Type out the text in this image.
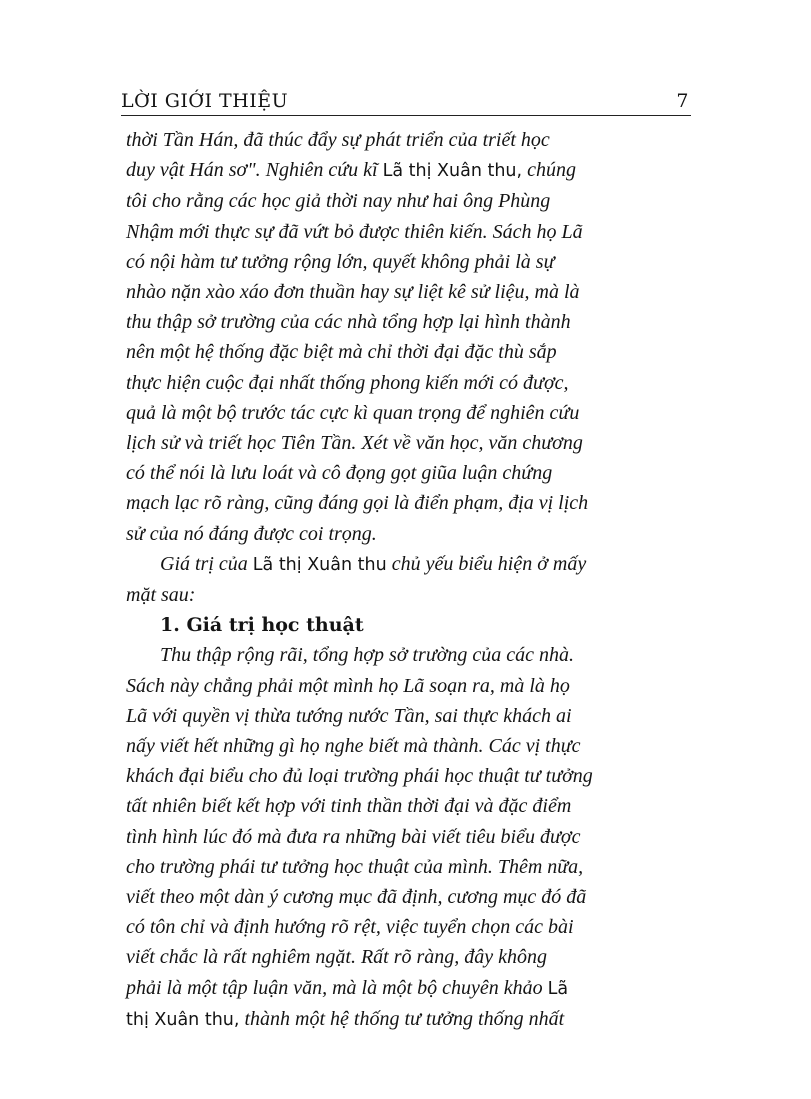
LỜI GIỚI THIỆU	7
thời Tần Hán, đã thúc đẩy sự phát triển của triết học
duy vật Hán sơ". Nghiên cứu kĩ Lã thị Xuân thu, chúng
tôi cho rằng các học giả thời nay như hai ông Phùng
Nhậm mới thực sự đã vứt bỏ được thiên kiến. Sách họ Lã
có nội hàm tư tưởng rộng lớn, quyết không phải là sự
nhào nặn xào xáo đơn thuần hay sự liệt kê sử liệu, mà là
thu thập sở trường của các nhà tổng hợp lại hình thành
nên một hệ thống đặc biệt mà chỉ thời đại đặc thù sắp
thực hiện cuộc đại nhất thống phong kiến mới có được,
quả là một bộ trước tác cực kì quan trọng để nghiên cứu
lịch sử và triết học Tiên Tần. Xét về văn học, văn chương
có thể nói là lưu loát và cô đọng gọt giũa luận chứng
mạch lạc rõ ràng, cũng đáng gọi là điển phạm, địa vị lịch
sử của nó đáng được coi trọng.
Giá trị của Lã thị Xuân thu chủ yếu biểu hiện ở mấy
mặt sau:
1. Giá trị học thuật
Thu thập rộng rãi, tổng hợp sở trường của các nhà.
Sách này chẳng phải một mình họ Lã soạn ra, mà là họ
Lã với quyền vị thừa tướng nước Tần, sai thực khách ai
nấy viết hết những gì họ nghe biết mà thành. Các vị thực
khách đại biểu cho đủ loại trường phái học thuật tư tưởng
tất nhiên biết kết hợp với tinh thần thời đại và đặc điểm
tình hình lúc đó mà đưa ra những bài viết tiêu biểu được
cho trường phái tư tưởng học thuật của mình. Thêm nữa,
viết theo một dàn ý cương mục đã định, cương mục đó đã
có tôn chỉ và định hướng rõ rệt, việc tuyển chọn các bài
viết chắc là rất nghiêm ngặt. Rất rõ ràng, đây không
phải là một tập luận văn, mà là một bộ chuyên khảo Lã
thị Xuân thu, thành một hệ thống tư tưởng thống nhất
